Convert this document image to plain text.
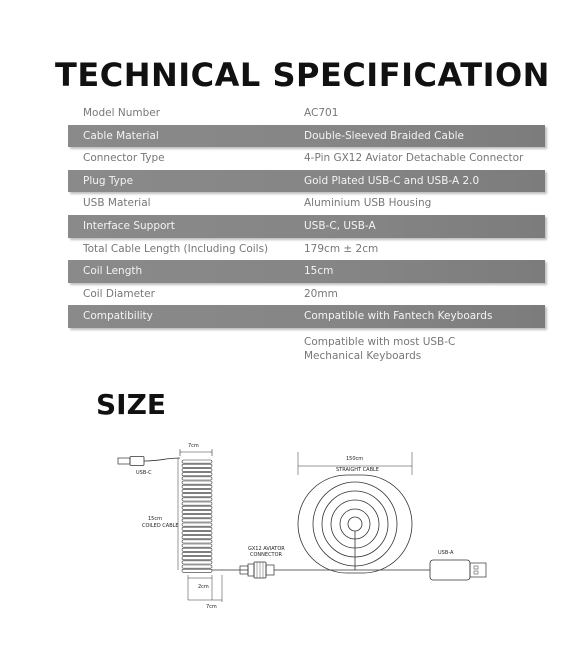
TECHNICAL SPECIFICATION
Model Number	AC701
Cable Material	Double-Sleeved Braided Cable
Connector Type	4-Pin GX12 Aviator Detachable Connector
Plug Type	Gold Plated USB-C and USB-A 2.0
USB Material	Aluminium USB Housing
Interface Support	USB-C, USB-A
Total Cable Length (Including Coils)	179cm ± 2cm
Coil Length	15cm
Coil Diameter	20mm
Compatibility	Compatible with Fantech Keyboards
Compatible with most USB-C
Mechanical Keyboards
SIZE
7cm
USB-C
15cm
COILED CABLE
2cm
7cm
GX12 AVIATOR
CONNECTOR
150cm
STRAIGHT CABLE
USB-A
